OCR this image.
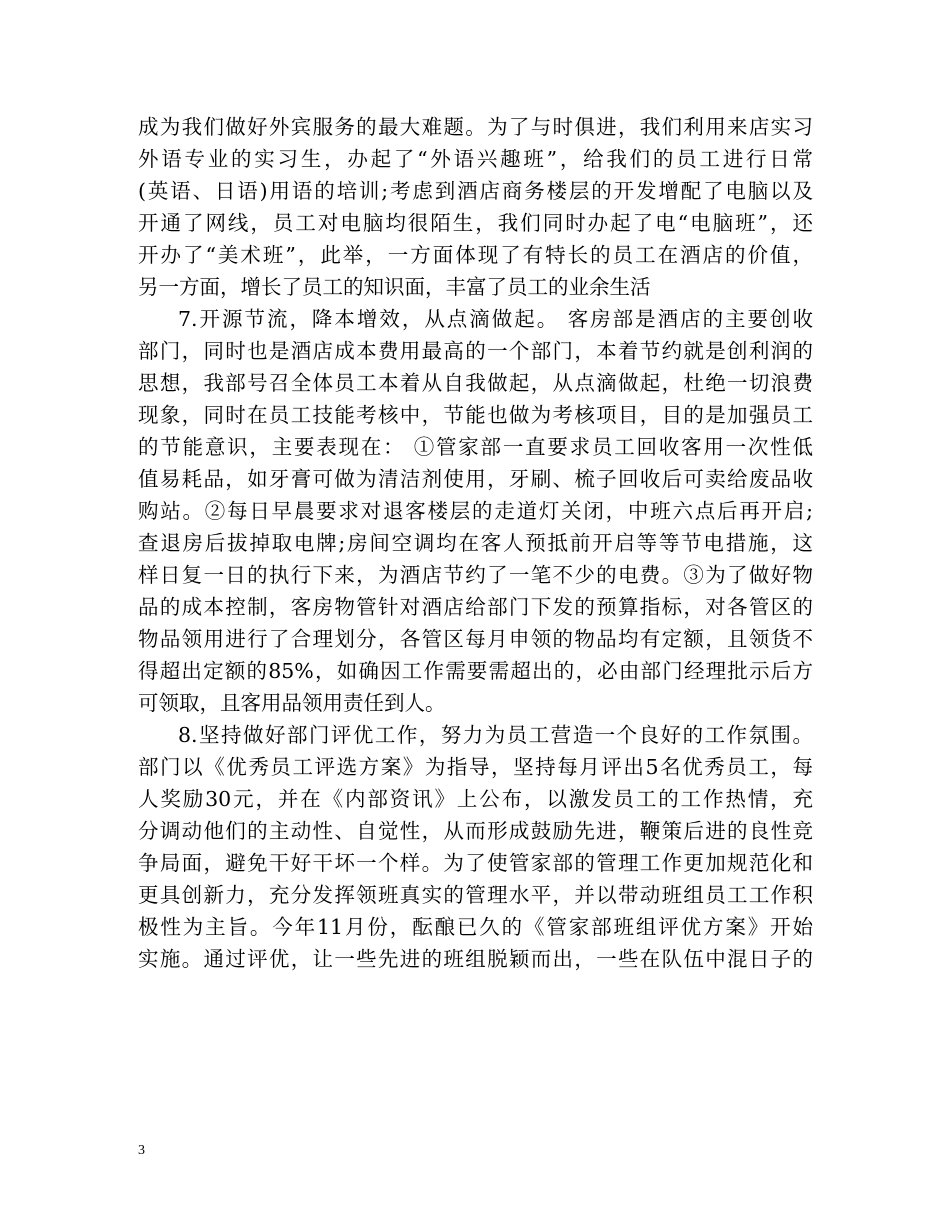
成为我们做好外宾服务的最大难题。为了与时俱进，我们利用来店实习
外语专业的实习生，办起了“外语兴趣班”，给我们的员工进行日常
(英语、日语)用语的培训;考虑到酒店商务楼层的开发增配了电脑以及
开通了网线，员工对电脑均很陌生，我们同时办起了电“电脑班”，还
开办了“美术班”，此举，一方面体现了有特长的员工在酒店的价值，
另一方面，增长了员工的知识面，丰富了员工的业余生活
7.开源节流，降本增效，从点滴做起。 客房部是酒店的主要创收
部门，同时也是酒店成本费用最高的一个部门，本着节约就是创利润的
思想，我部号召全体员工本着从自我做起，从点滴做起，杜绝一切浪费
现象，同时在员工技能考核中，节能也做为考核项目，目的是加强员工
的节能意识，主要表现在： ①管家部一直要求员工回收客用一次性低
值易耗品，如牙膏可做为清洁剂使用，牙刷、梳子回收后可卖给废品收
购站。②每日早晨要求对退客楼层的走道灯关闭，中班六点后再开启;
查退房后拔掉取电牌;房间空调均在客人预抵前开启等等节电措施，这
样日复一日的执行下来，为酒店节约了一笔不少的电费。③为了做好物
品的成本控制，客房物管针对酒店给部门下发的预算指标，对各管区的
物品领用进行了合理划分，各管区每月申领的物品均有定额，且领货不
得超出定额的85%，如确因工作需要需超出的，必由部门经理批示后方
可领取，且客用品领用责任到人。
8.坚持做好部门评优工作，努力为员工营造一个良好的工作氛围。
部门以《优秀员工评选方案》为指导，坚持每月评出5名优秀员工，每
人奖励30元，并在《内部资讯》上公布，以激发员工的工作热情，充
分调动他们的主动性、自觉性，从而形成鼓励先进，鞭策后进的良性竞
争局面，避免干好干坏一个样。为了使管家部的管理工作更加规范化和
更具创新力，充分发挥领班真实的管理水平，并以带动班组员工工作积
极性为主旨。今年11月份，酝酿已久的《管家部班组评优方案》开始
实施。通过评优，让一些先进的班组脱颖而出，一些在队伍中混日子的
3
